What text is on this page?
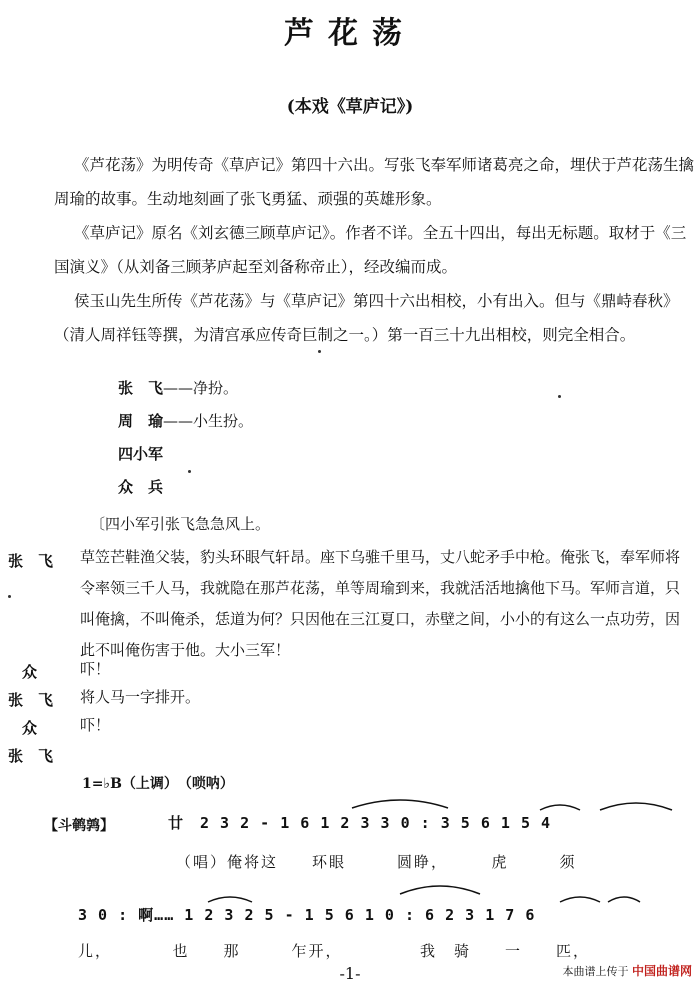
芦花荡
(本戏《草庐记》)

《芦花荡》为明传奇《草庐记》第四十六出。写张飞奉军师诸葛亮之命，埋伏于芦花荡生擒周瑜的故事。生动地刻画了张飞勇猛、顽强的英雄形象。

《草庐记》原名《刘玄德三顾草庐记》。作者不详。全五十四出，每出无标题。取材于《三国演义》（从刘备三顾茅庐起至刘备称帝止），经改编而成。

侯玉山先生所传《芦花荡》与《草庐记》第四十六出相校，小有出入。但与《鼎峙春秋》（清人周祥钰等撰，为清宫承应传奇巨制之一。）第一百三十九出相校，则完全相合。

张　飞——净扮。
周　瑜——小生扮。
四小军
众　兵
〔四小军引张飞急急风上。
张　飞 草笠芒鞋渔父装，豹头环眼气轩昂。座下乌骓千里马，丈八蛇矛手中枪。俺张飞，奉军师将令率领三千人马，我就隐在那芦花荡，单等周瑜到来，我就活活地擒他下马。军师言道，只叫俺擒，不叫俺杀，恁道为何？只因他在三江夏口，赤壁之间，小小的有这么一点功劳，因此不叫俺伤害于他。大小三军！
众	吓！
张　飞 将人马一字排开。
众	吓！
张　飞
1=♭B（上调）　（唢呐）
【斗鹌鹑】	廿　2 3 2 - 1 6 1 2 3 3 0 : 3 5 6 1 5 4
（唱）俺将这　　环眼　　　圆睁，　　　虎　　　须
3 0 : 啊…… 1 2 3 2 5 - 1 5 6 1 0 : 6 2 3 1 7 6
儿，　　　　也　　那　　　乍开，　　　　　我　骑　　一　　匹，
-1-	本曲谱上传于 中国曲谱网
